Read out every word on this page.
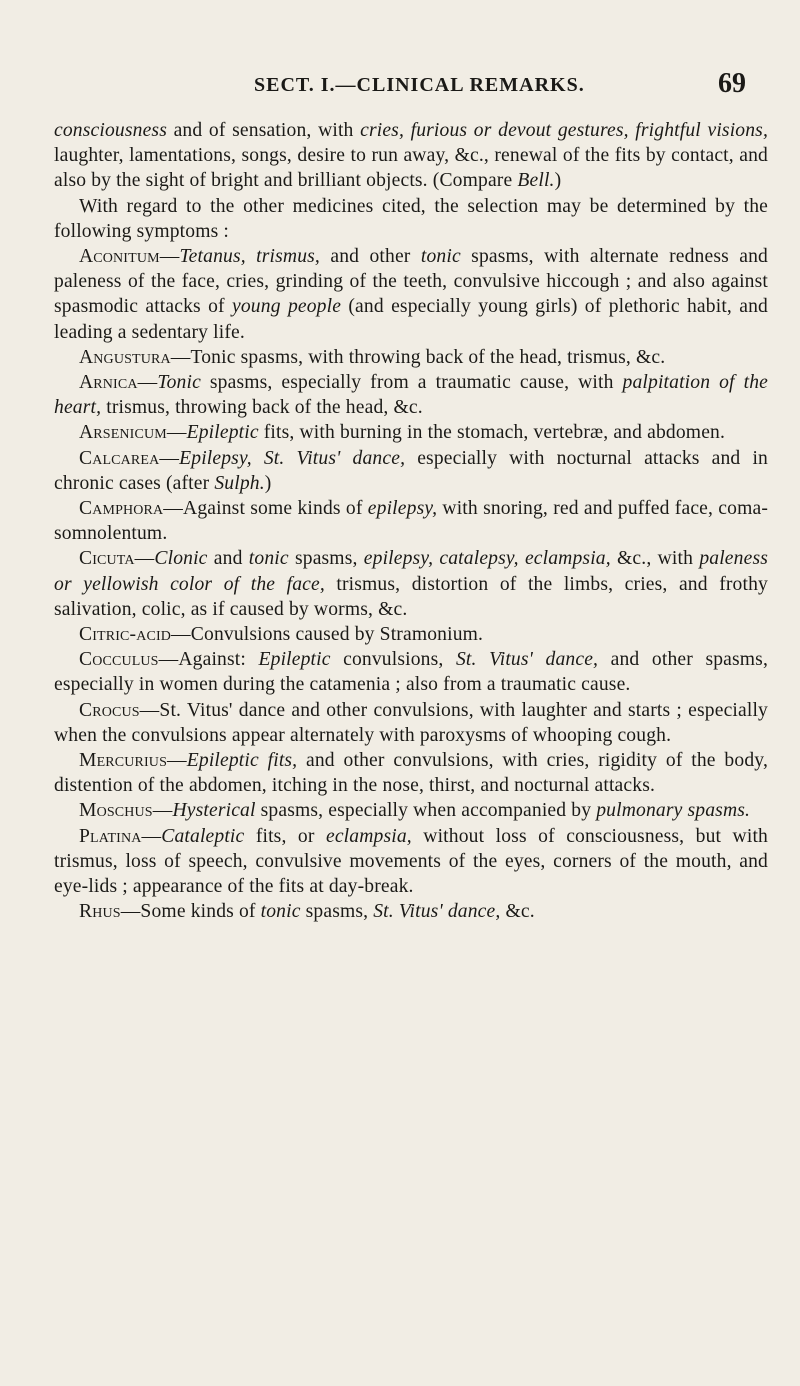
SECT. I.—CLINICAL REMARKS.	69

consciousness and of sensation, with cries, furious or devout gestures, frightful visions, laughter, lamentations, songs, desire to run away, &c., renewal of the fits by contact, and also by the sight of bright and brilliant objects. (Compare Bell.)

With regard to the other medicines cited, the selection may be determined by the following symptoms :

Aconitum—Tetanus, trismus, and other tonic spasms, with alternate redness and paleness of the face, cries, grinding of the teeth, convulsive hiccough ; and also against spasmodic attacks of young people (and especially young girls) of plethoric habit, and leading a sedentary life.

Angustura—Tonic spasms, with throwing back of the head, trismus, &c.

Arnica—Tonic spasms, especially from a traumatic cause, with palpitation of the heart, trismus, throwing back of the head, &c.

Arsenicum—Epileptic fits, with burning in the stomach, vertebræ, and abdomen.

Calcarea—Epilepsy, St. Vitus' dance, especially with nocturnal attacks and in chronic cases (after Sulph.)

Camphora—Against some kinds of epilepsy, with snoring, red and puffed face, coma-somnolentum.

Cicuta—Clonic and tonic spasms, epilepsy, catalepsy, eclampsia, &c., with paleness or yellowish color of the face, trismus, distortion of the limbs, cries, and frothy salivation, colic, as if caused by worms, &c.

Citric-acid—Convulsions caused by Stramonium.

Cocculus—Against: Epileptic convulsions, St. Vitus' dance, and other spasms, especially in women during the catamenia ; also from a traumatic cause.

Crocus—St. Vitus' dance and other convulsions, with laughter and starts ; especially when the convulsions appear alternately with paroxysms of whooping cough.

Mercurius—Epileptic fits, and other convulsions, with cries, rigidity of the body, distention of the abdomen, itching in the nose, thirst, and nocturnal attacks.

Moschus—Hysterical spasms, especially when accompanied by pulmonary spasms.

Platina—Cataleptic fits, or eclampsia, without loss of consciousness, but with trismus, loss of speech, convulsive movements of the eyes, corners of the mouth, and eye-lids ; appearance of the fits at day-break.

Rhus—Some kinds of tonic spasms, St. Vitus' dance, &c.
